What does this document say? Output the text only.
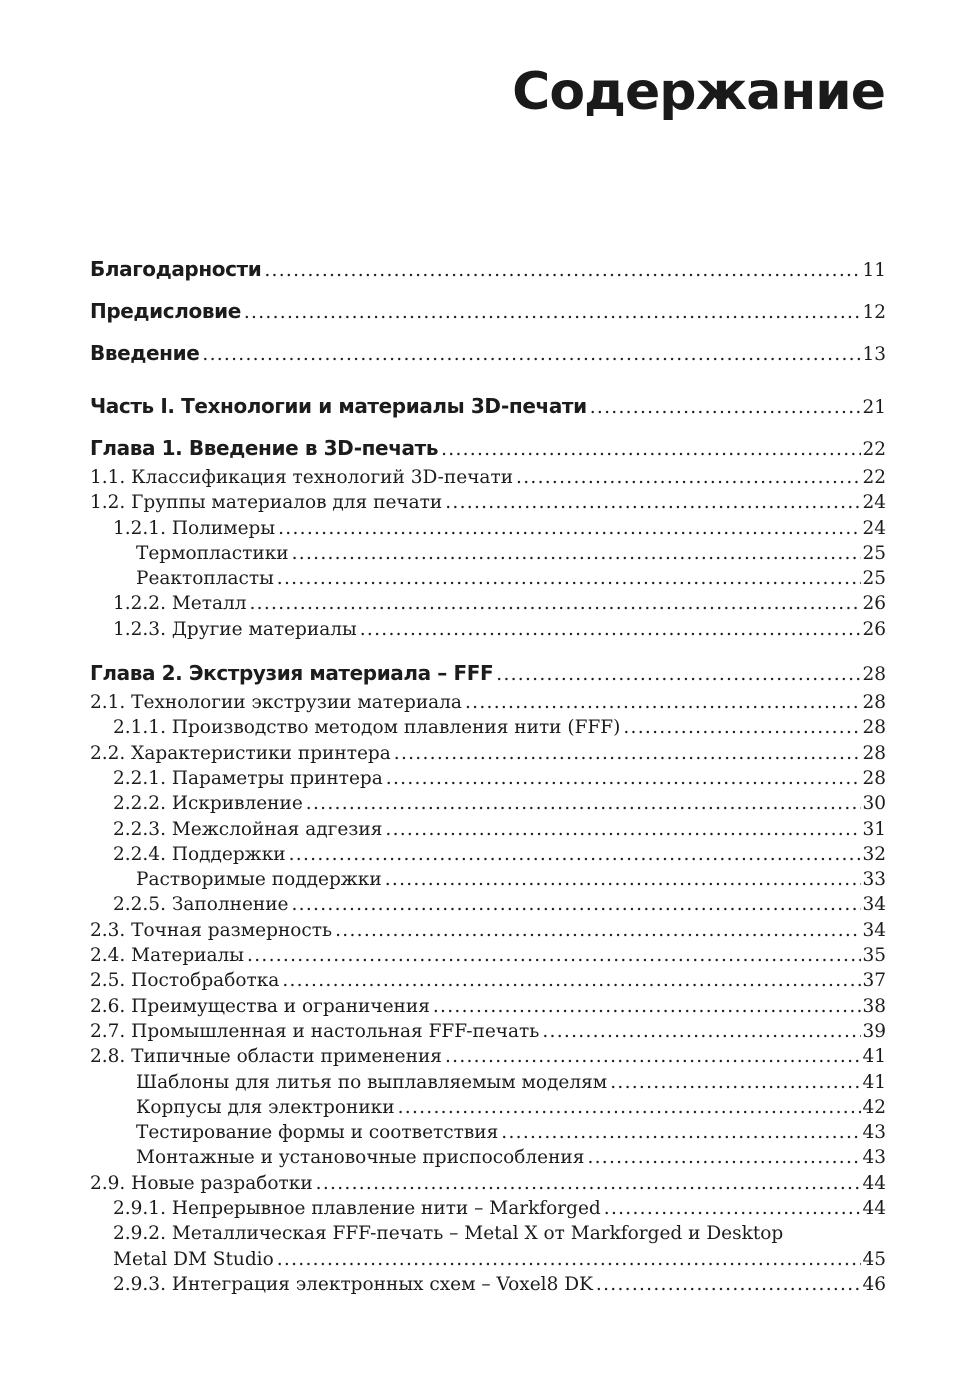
Содержание
Благодарности .....	11
Предисловие .....	12
Введение .....	13
Часть I. Технологии и материалы 3D-печати .....	21
Глава 1. Введение в 3D-печать .....	22
1.1. Классификация технологий 3D-печати .....	22
1.2. Группы материалов для печати .....	24
1.2.1. Полимеры .....	24
Термопластики .....	25
Реактопласты .....	25
1.2.2. Металл .....	26
1.2.3. Другие материалы .....	26
Глава 2. Экструзия материала – FFF .....	28
2.1. Технологии экструзии материала .....	28
2.1.1. Производство методом плавления нити (FFF) .....	28
2.2. Характеристики принтера .....	28
2.2.1. Параметры принтера .....	28
2.2.2. Искривление .....	30
2.2.3. Межслойная адгезия .....	31
2.2.4. Поддержки .....	32
Растворимые поддержки .....	33
2.2.5. Заполнение .....	34
2.3. Точная размерность .....	34
2.4. Материалы .....	35
2.5. Постобработка .....	37
2.6. Преимущества и ограничения .....	38
2.7. Промышленная и настольная FFF-печать .....	39
2.8. Типичные области применения .....	41
Шаблоны для литья по выплавляемым моделям .....	41
Корпусы для электроники .....	42
Тестирование формы и соответствия .....	43
Монтажные и установочные приспособления .....	43
2.9. Новые разработки .....	44
2.9.1. Непрерывное плавление нити – Markforged .....	44
2.9.2. Металлическая FFF-печать – Metal X от Markforged и Desktop
Metal DM Studio .....	45
2.9.3. Интеграция электронных схем – Voxel8 DK .....	46
